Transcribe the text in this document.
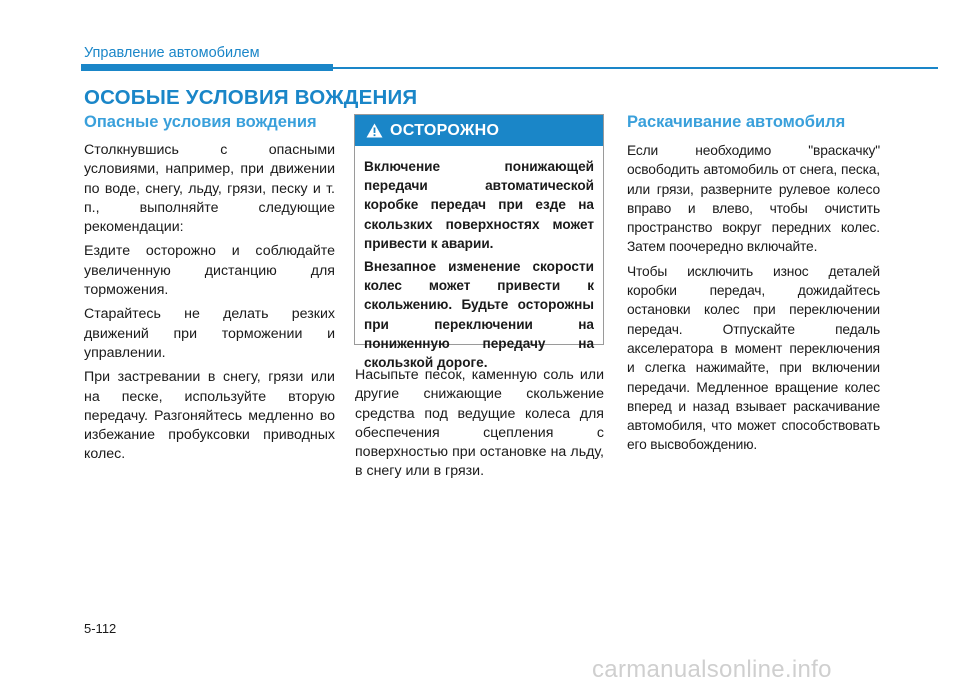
Управление автомобилем
ОСОБЫЕ УСЛОВИЯ ВОЖДЕНИЯ
Опасные условия вождения

Столкнувшись с опасными условиями, например, при движении по воде, снегу, льду, грязи, песку и т. п., выполняйте следующие рекомендации:

Ездите осторожно и соблюдайте увеличенную дистанцию для торможения.

Старайтесь не делать резких движений при торможении и управлении.

При застревании в снегу, грязи или на песке, используйте вторую передачу. Разгоняйтесь медленно во избежание пробуксовки приводных колес.

ОСТОРОЖНО

Включение понижающей передачи автоматической коробке передач при езде на скользких поверхностях может привести к аварии.

Внезапное изменение скорости колес может привести к скольжению. Будьте осторожны при переключении на пониженную передачу на скользкой дороге.

Насыпьте песок, каменную соль или другие снижающие скольжение средства под ведущие колеса для обеспечения сцепления с поверхностью при остановке на льду, в снегу или в грязи.

Раскачивание автомобиля

Если необходимо "враскачку" освободить автомобиль от снега, песка, или грязи, разверните рулевое колесо вправо и влево, чтобы очистить пространство вокруг передних колес. Затем поочередно включайте.

Чтобы исключить износ деталей коробки передач, дожидайтесь остановки колес при переключении передач. Отпускайте педаль акселератора в момент переключения и слегка нажимайте, при включении передачи. Медленное вращение колес вперед и назад взывает раскачивание автомобиля, что может способствовать его высвобождению.

5-112
carmanualsonline.info
